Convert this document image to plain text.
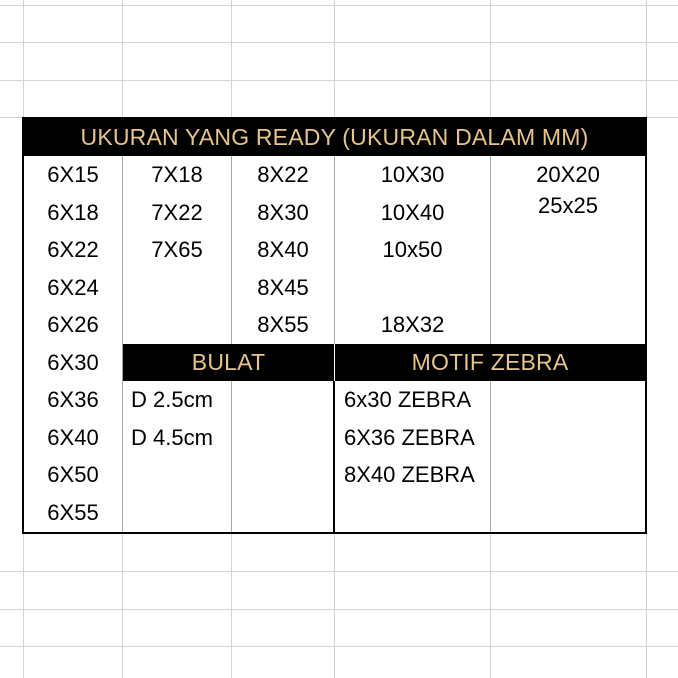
UKURAN YANG READY (UKURAN DALAM MM)
6X15
6X18
6X22
6X24
6X26
6X30
6X36
6X40
6X50
6X55
7X18
7X22
7X65
8X22
8X30
8X40
8X45
8X55
10X30
10X40
10x50
18X32
20X20
25x25
BULAT	MOTIF ZEBRA
D 2.5cm
D 4.5cm
6x30 ZEBRA
6X36 ZEBRA
8X40 ZEBRA
